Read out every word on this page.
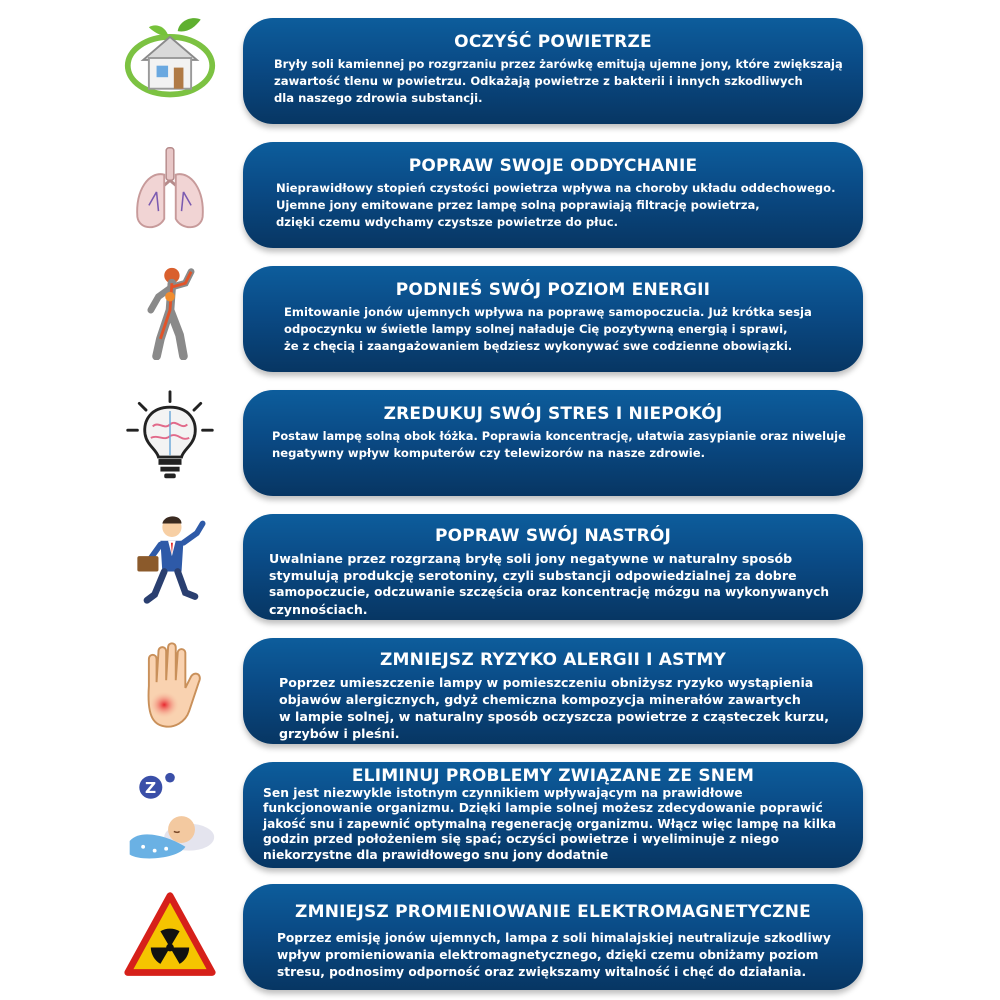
OCZYŚĆ POWIETRZE
Bryły soli kamiennej po rozgrzaniu przez żarówkę emitują ujemne jony, które zwiększają
zawartość tlenu w powietrzu. Odkażają powietrze z bakterii i innych szkodliwych
dla naszego zdrowia substancji.
POPRAW SWOJE ODDYCHANIE
Nieprawidłowy stopień czystości powietrza wpływa na choroby układu oddechowego.
Ujemne jony emitowane przez lampę solną poprawiają filtrację powietrza,
dzięki czemu wdychamy czystsze powietrze do płuc.
PODNIEŚ SWÓJ POZIOM ENERGII
Emitowanie jonów ujemnych wpływa na poprawę samopoczucia. Już krótka sesja
odpoczynku w świetle lampy solnej naładuje Cię pozytywną energią i sprawi,
że z chęcią i zaangażowaniem będziesz wykonywać swe codzienne obowiązki.
ZREDUKUJ SWÓJ STRES I NIEPOKÓJ
Postaw lampę solną obok łóżka. Poprawia koncentrację, ułatwia zasypianie oraz niweluje
negatywny wpływ komputerów czy telewizorów na nasze zdrowie.
POPRAW SWÓJ NASTRÓJ
Uwalniane przez rozgrzaną bryłę soli jony negatywne w naturalny sposób
stymulują produkcję serotoniny, czyli substancji odpowiedzialnej za dobre
samopoczucie, odczuwanie szczęścia oraz koncentrację mózgu na wykonywanych
czynnościach.
ZMNIEJSZ RYZYKO ALERGII I ASTMY
Poprzez umieszczenie lampy w pomieszczeniu obniżysz ryzyko wystąpienia
objawów alergicznych, gdyż chemiczna kompozycja minerałów zawartych
w lampie solnej, w naturalny sposób oczyszcza powietrze z cząsteczek kurzu,
grzybów i pleśni.
Z
ELIMINUJ PROBLEMY ZWIĄZANE ZE SNEM
Sen jest niezwykle istotnym czynnikiem wpływającym na prawidłowe
funkcjonowanie organizmu. Dzięki lampie solnej możesz zdecydowanie poprawić
jakość snu i zapewnić optymalną regenerację organizmu. Włącz więc lampę na kilka
godzin przed położeniem się spać; oczyści powietrze i wyeliminuje z niego
niekorzystne dla prawidłowego snu jony dodatnie
ZMNIEJSZ PROMIENIOWANIE ELEKTROMAGNETYCZNE
Poprzez emisję jonów ujemnych, lampa z soli himalajskiej neutralizuje szkodliwy
wpływ promieniowania elektromagnetycznego, dzięki czemu obniżamy poziom
stresu, podnosimy odporność oraz zwiększamy witalność i chęć do działania.
